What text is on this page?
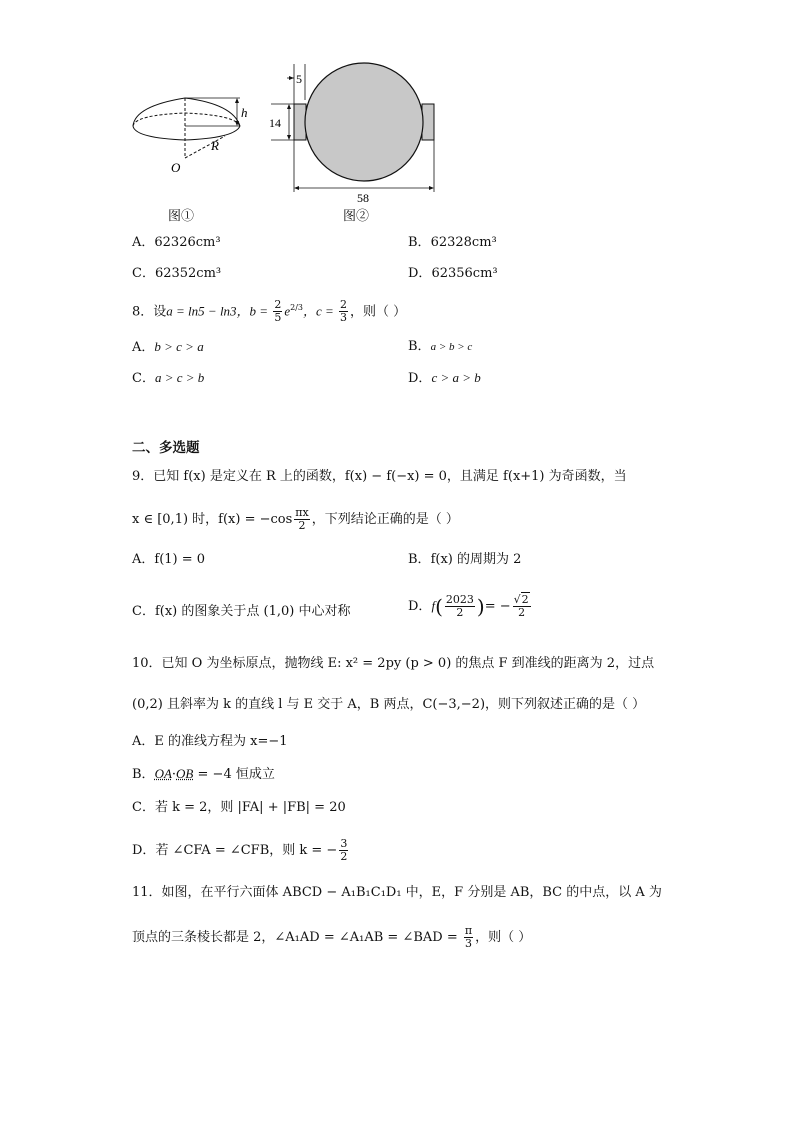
h
R
O
5
14
58
图①	图②
A．62326cm³	B．62328cm³
C．62352cm³	D．62356cm³
8．设a = ln5 − ln3，$b = \frac{2}{5} e^{2/3}$，$c = \frac{2}{3}$ ，则（ ）
A．b > c > a	B．a > b > c
C．a > c > b	D．c > a > b
二、多选题
9．已知 f(x) 是定义在 R 上的函数，f(x) − f(−x) = 0，且满足 f(x+1) 为奇函数，当
x ∈ [0,1) 时，$f(x) = -\cos \frac{\pi x}{2}$ ，下列结论正确的是（ ）
A．f(1) = 0	B．f(x) 的周期为 2
C．f(x) 的图象关于点 (1,0) 中心对称	D．$f( \frac{2023}{2}$ )= − $\frac{√2}{2}$
10．已知 O 为坐标原点，抛物线 E: x² = 2py (p > 0) 的焦点 F 到准线的距离为 2，过点
(0,2) 且斜率为 k 的直线 l 与 E 交于 A，B 两点，C(−3,−2)，则下列叙述正确的是（ ）
A．E 的准线方程为 x=−1
B．OA·OB = −4 恒成立
C．若 k = 2，则 |FA| + |FB| = 20
D．若 ∠CFA = ∠CFB，则 k = − $\frac{3}{2}$
11．如图，在平行六面体 ABCD − A₁B₁C₁D₁ 中，E，F 分别是 AB，BC 的中点，以 A 为
顶点的三条棱长都是 2，∠A₁AD = ∠A₁AB = ∠BAD = $\frac{\pi}{3}$ ，则（ ）
